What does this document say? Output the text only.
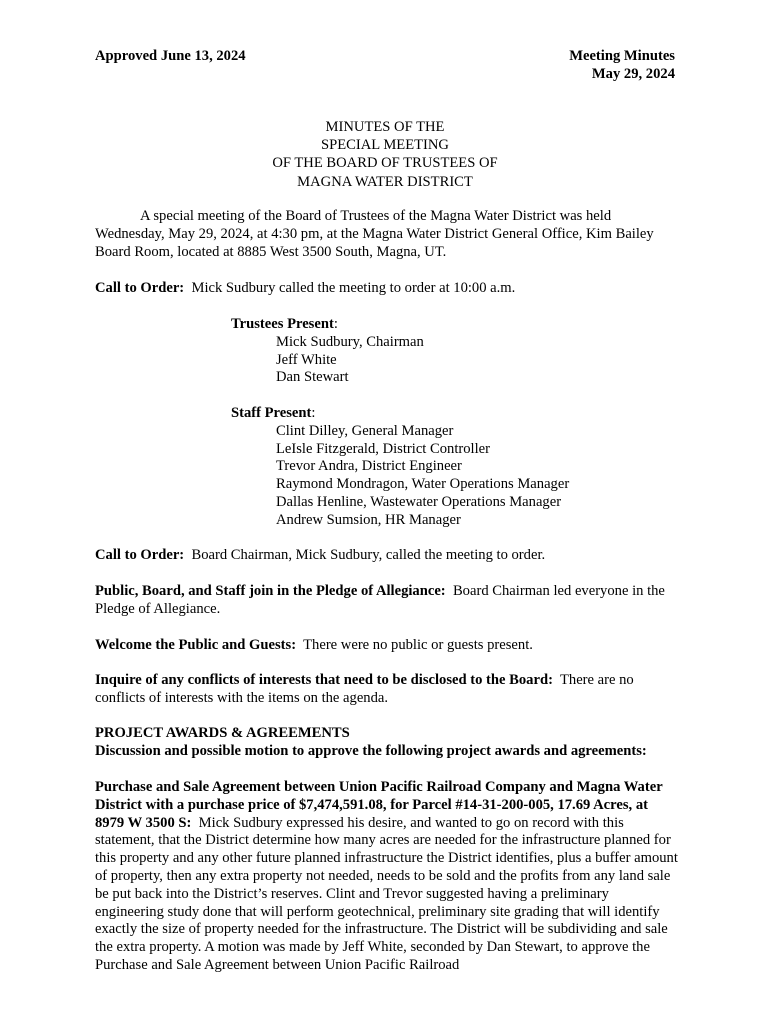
Approved June 13, 2024	Meeting Minutes
May 29, 2024
MINUTES OF THE
SPECIAL MEETING
OF THE BOARD OF TRUSTEES OF
MAGNA WATER DISTRICT
A special meeting of the Board of Trustees of the Magna Water District was held Wednesday, May 29, 2024, at 4:30 pm, at the Magna Water District General Office, Kim Bailey Board Room, located at 8885 West 3500 South, Magna, UT.
Call to Order: Mick Sudbury called the meeting to order at 10:00 a.m.
Trustees Present:
Mick Sudbury, Chairman
Jeff White
Dan Stewart
Staff Present:
Clint Dilley, General Manager
LeIsle Fitzgerald, District Controller
Trevor Andra, District Engineer
Raymond Mondragon, Water Operations Manager
Dallas Henline, Wastewater Operations Manager
Andrew Sumsion, HR Manager
Call to Order: Board Chairman, Mick Sudbury, called the meeting to order.
Public, Board, and Staff join in the Pledge of Allegiance: Board Chairman led everyone in the Pledge of Allegiance.
Welcome the Public and Guests: There were no public or guests present.
Inquire of any conflicts of interests that need to be disclosed to the Board: There are no conflicts of interests with the items on the agenda.
PROJECT AWARDS & AGREEMENTS
Discussion and possible motion to approve the following project awards and agreements:
Purchase and Sale Agreement between Union Pacific Railroad Company and Magna Water District with a purchase price of $7,474,591.08, for Parcel #14-31-200-005, 17.69 Acres, at 8979 W 3500 S: Mick Sudbury expressed his desire, and wanted to go on record with this statement, that the District determine how many acres are needed for the infrastructure planned for this property and any other future planned infrastructure the District identifies, plus a buffer amount of property, then any extra property not needed, needs to be sold and the profits from any land sale be put back into the District’s reserves. Clint and Trevor suggested having a preliminary engineering study done that will perform geotechnical, preliminary site grading that will identify exactly the size of property needed for the infrastructure. The District will be subdividing and sale the extra property. A motion was made by Jeff White, seconded by Dan Stewart, to approve the Purchase and Sale Agreement between Union Pacific Railroad
